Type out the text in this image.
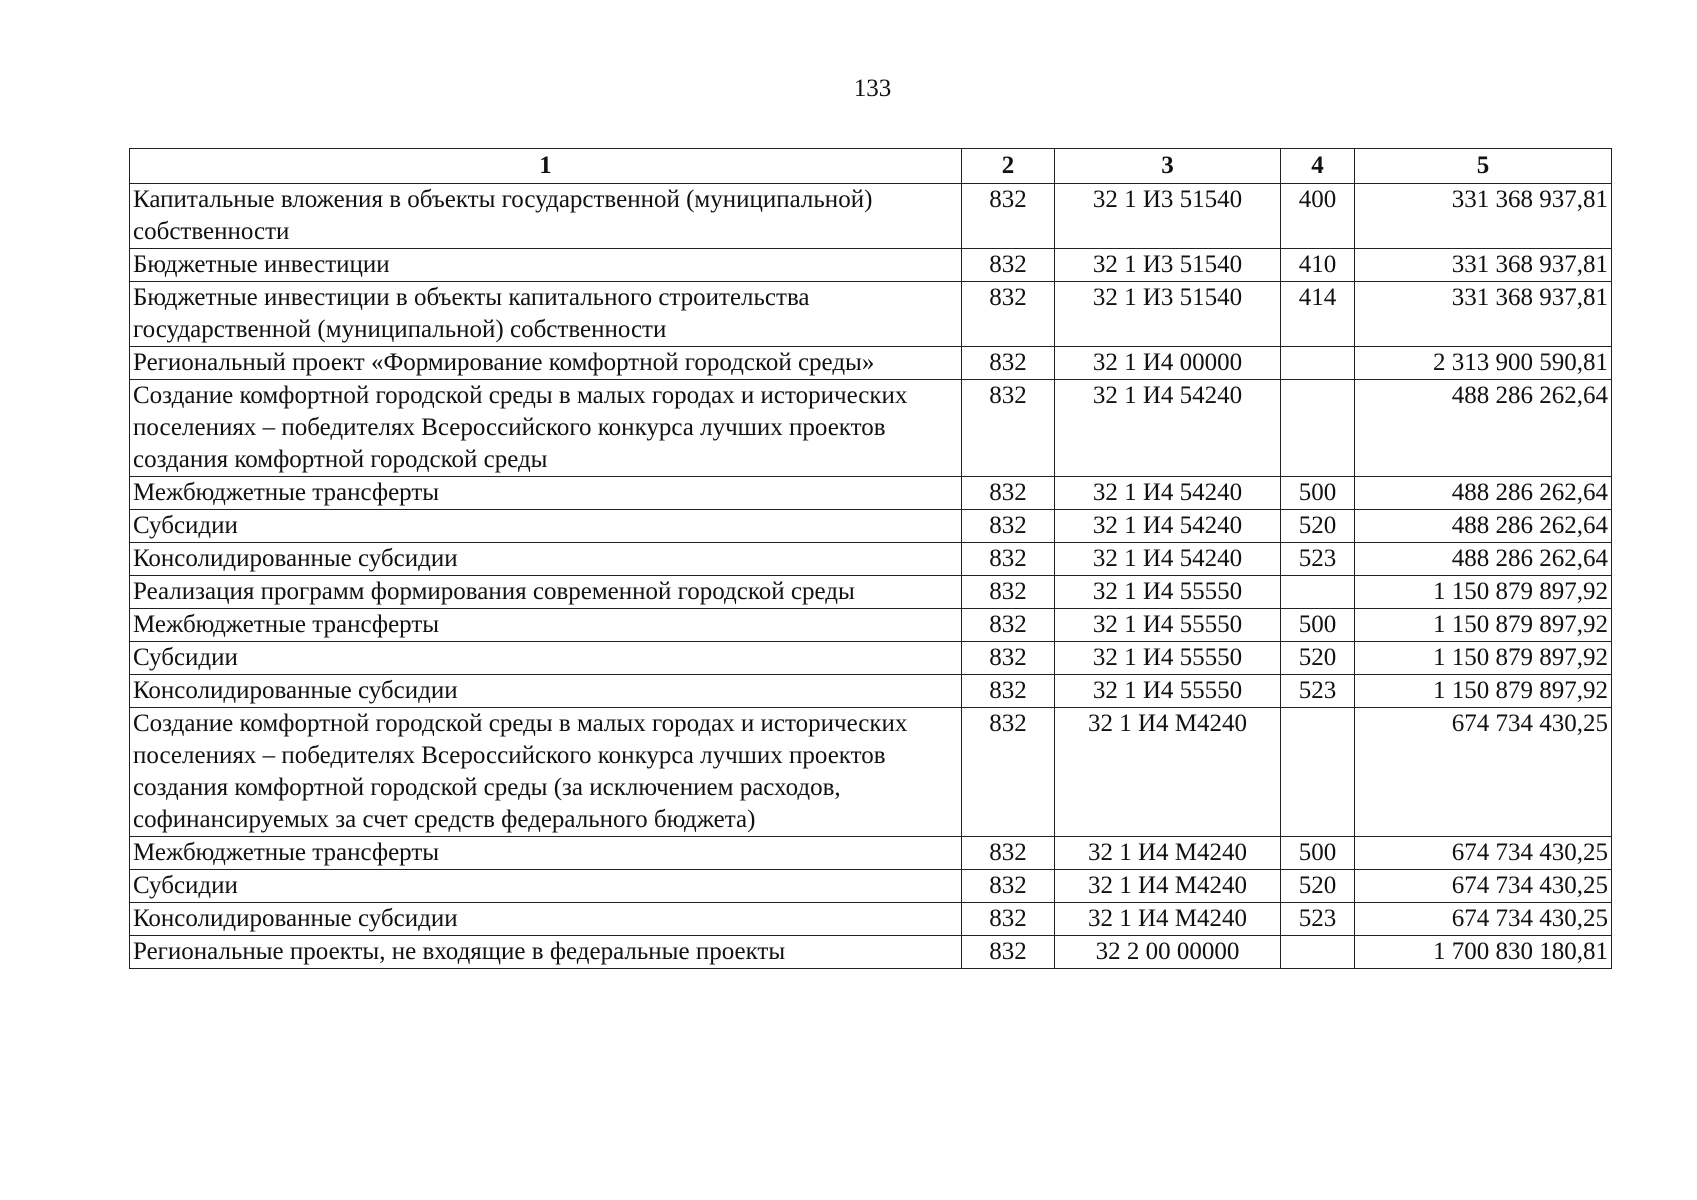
133
1	2	3	4	5
Капитальные вложения в объекты государственной (муниципальной) собственности	832	32 1 И3 51540	400	331 368 937,81
Бюджетные инвестиции	832	32 1 И3 51540	410	331 368 937,81
Бюджетные инвестиции в объекты капитального строительства государственной (муниципальной) собственности	832	32 1 И3 51540	414	331 368 937,81
Региональный проект «Формирование комфортной городской среды»	832	32 1 И4 00000		2 313 900 590,81
Создание комфортной городской среды в малых городах и исторических поселениях – победителях Всероссийского конкурса лучших проектов создания комфортной городской среды	832	32 1 И4 54240		488 286 262,64
Межбюджетные трансферты	832	32 1 И4 54240	500	488 286 262,64
Субсидии	832	32 1 И4 54240	520	488 286 262,64
Консолидированные субсидии	832	32 1 И4 54240	523	488 286 262,64
Реализация программ формирования современной городской среды	832	32 1 И4 55550		1 150 879 897,92
Межбюджетные трансферты	832	32 1 И4 55550	500	1 150 879 897,92
Субсидии	832	32 1 И4 55550	520	1 150 879 897,92
Консолидированные субсидии	832	32 1 И4 55550	523	1 150 879 897,92
Создание комфортной городской среды в малых городах и исторических поселениях – победителях Всероссийского конкурса лучших проектов создания комфортной городской среды (за исключением расходов, софинансируемых за счет средств федерального бюджета)	832	32 1 И4 М4240		674 734 430,25
Межбюджетные трансферты	832	32 1 И4 М4240	500	674 734 430,25
Субсидии	832	32 1 И4 М4240	520	674 734 430,25
Консолидированные субсидии	832	32 1 И4 М4240	523	674 734 430,25
Региональные проекты, не входящие в федеральные проекты	832	32 2 00 00000		1 700 830 180,81
